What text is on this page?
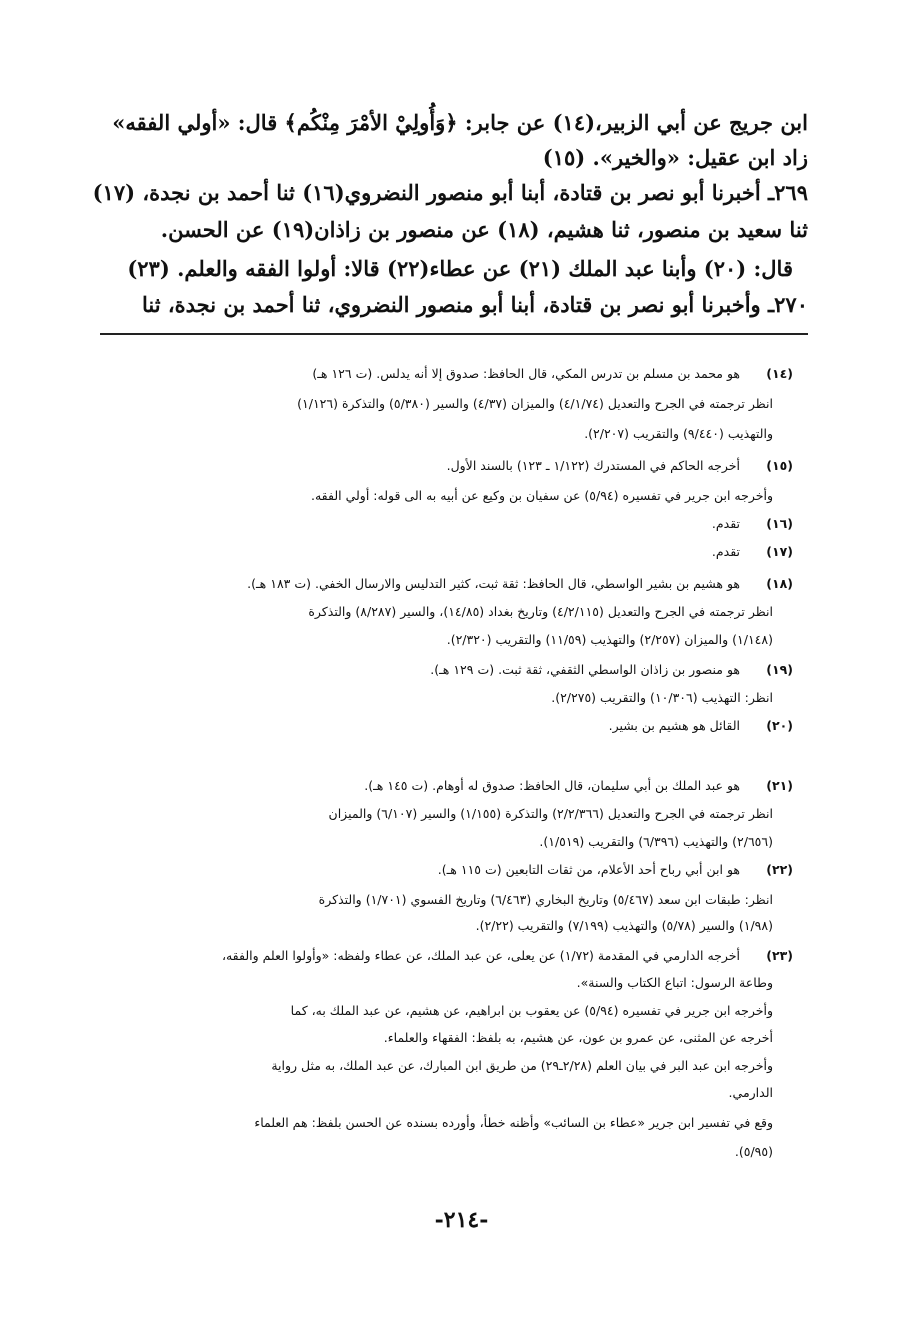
ابن جريج عن أبي الزبير،(١٤) عن جابر: ﴿وَأُولِيْ الأمْرَ مِنْكُم﴾ قال: «أولي الفقه»
زاد ابن عقيل: «والخير». (١٥)
٢٦٩ـ أخبرنا أبو نصر بن قتادة، أبنا أبو منصور النضروي(١٦) ثنا أحمد بن نجدة، (١٧)
ثنا سعيد بن منصور، ثنا هشيم، (١٨) عن منصور بن زاذان(١٩) عن الحسن.
قال: (٢٠) وأبنا عبد الملك (٢١) عن عطاء(٢٢) قالا: أولوا الفقه والعلم. (٢٣)
٢٧٠ـ وأخبرنا أبو نصر بن قتادة، أبنا أبو منصور النضروي، ثنا أحمد بن نجدة، ثنا
(١٤)هو محمد بن مسلم بن تدرس المكي، قال الحافظ: صدوق إلا أنه يدلس. (ت ١٢٦ هـ)
انظر ترجمته في الجرح والتعديل (٤/١/٧٤) والميزان (٤/٣٧) والسير (٥/٣٨٠) والتذكرة (١/١٢٦)
والتهذيب (٩/٤٤٠) والتقريب (٢/٢٠٧).
(١٥)أخرجه الحاكم في المستدرك (١/١٢٢ ـ ١٢٣) بالسند الأول.
وأخرجه ابن جرير في تفسيره (٥/٩٤) عن سفيان بن وكيع عن أبيه به الى قوله: أولي الفقه.
(١٦)تقدم.
(١٧)تقدم.
(١٨)هو هشيم بن بشير الواسطي، قال الحافظ: ثقة ثبت، كثير التدليس والارسال الخفي. (ت ١٨٣ هـ).
انظر ترجمته في الجرح والتعديل (٤/٢/١١٥) وتاريخ بغداد (١٤/٨٥)، والسير (٨/٢٨٧) والتذكرة
(١/١٤٨) والميزان (٢/٢٥٧) والتهذيب (١١/٥٩) والتقريب (٢/٣٢٠).
(١٩)هو منصور بن زاذان الواسطي الثقفي، ثقة ثبت. (ت ١٢٩ هـ).
انظر: التهذيب (١٠/٣٠٦) والتقريب (٢/٢٧٥).
(٢٠)القائل هو هشيم بن بشير.
(٢١)هو عبد الملك بن أبي سليمان، قال الحافظ: صدوق له أوهام. (ت ١٤٥ هـ).
انظر ترجمته في الجرح والتعديل (٢/٢/٣٦٦) والتذكرة (١/١٥٥) والسير (٦/١٠٧) والميزان
(٢/٦٥٦) والتهذيب (٦/٣٩٦) والتقريب (١/٥١٩).
(٢٢)هو ابن أبي رباح أحد الأعلام، من ثقات التابعين (ت ١١٥ هـ).
انظر: طبقات ابن سعد (٥/٤٦٧) وتاريخ البخاري (٦/٤٦٣) وتاريخ الفسوي (١/٧٠١) والتذكرة
(١/٩٨) والسير (٥/٧٨) والتهذيب (٧/١٩٩) والتقريب (٢/٢٢).
(٢٣)أخرجه الدارمي في المقدمة (١/٧٢) عن يعلى، عن عبد الملك، عن عطاء ولفظه: «وأولوا العلم والفقه،
وطاعة الرسول: اتباع الكتاب والسنة».
وأخرجه ابن جرير في تفسيره (٥/٩٤) عن يعقوب بن ابراهيم، عن هشيم، عن عبد الملك به، كما
أخرجه عن المثنى، عن عمرو بن عون، عن هشيم، به بلفظ: الفقهاء والعلماء.
وأخرجه ابن عبد البر في بيان العلم (٢/٢٨ـ٢٩) من طريق ابن المبارك، عن عبد الملك، به مثل رواية
الدارمي.
وقع في تفسير ابن جرير «عطاء بن السائب» وأظنه خطأ، وأورده بسنده عن الحسن بلفظ: هم العلماء
(٥/٩٥).
-٢١٤-
